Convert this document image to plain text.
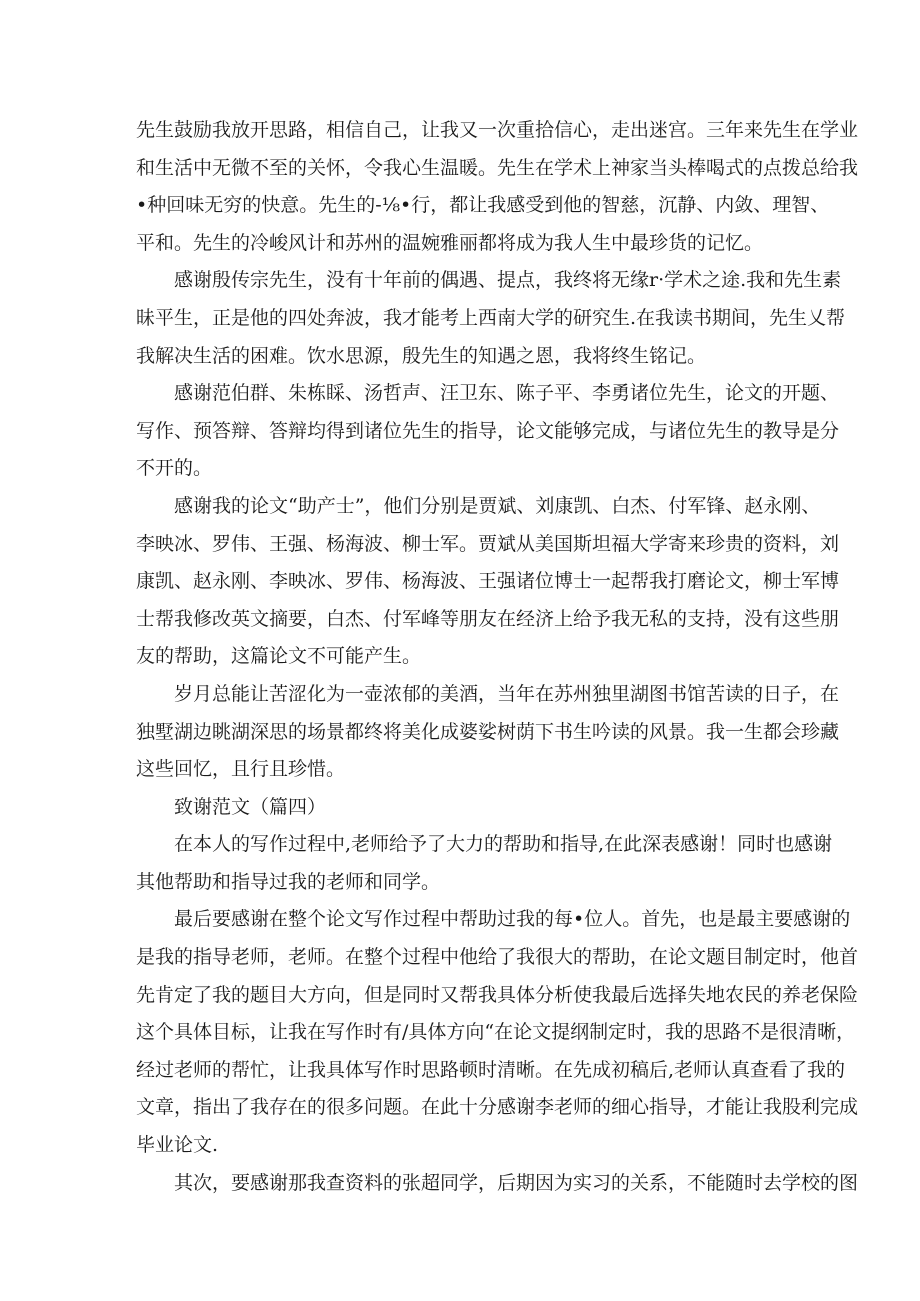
先生鼓励我放开思路，相信自己，让我又一次重拾信心，走出迷宫。三年来先生在学业
和生活中无微不至的关怀，令我心生温暖。先生在学术上神家当头棒喝式的点拨总给我
•种回味无穷的快意。先生的-⅛•行，都让我感受到他的智慈，沉静、内敛、理智、
平和。先生的冷峻风计和苏州的温婉雅丽都将成为我人生中最珍货的记忆。
感谢殷传宗先生，没有十年前的偶遇、提点，我终将无缘r·学术之途.我和先生素
昧平生，正是他的四处奔波，我才能考上西南大学的研究生.在我读书期间，先生乂帮
我解决生活的困难。饮水思源，殷先生的知遇之恩，我将终生铭记。
感谢范伯群、朱栋睬、汤哲声、汪卫东、陈子平、李勇诸位先生，论文的开题、
写作、预答辩、答辩均得到诸位先生的指导，论文能够完成，与诸位先生的教导是分
不开的。
感谢我的论文“助产士”，他们分别是贾斌、刘康凯、白杰、付军锋、赵永刚、
李映冰、罗伟、王强、杨海波、柳士军。贾斌从美国斯坦福大学寄来珍贵的资料，刘
康凯、赵永刚、李映冰、罗伟、杨海波、王强诸位博士一起帮我打磨论文，柳士军博
士帮我修改英文摘要，白杰、付军峰等朋友在经济上给予我无私的支持，没有这些朋
友的帮助，这篇论文不可能产生。
岁月总能让苦涩化为一壶浓郁的美酒，当年在苏州独里湖图书馆苦读的日子，在
独墅湖边眺湖深思的场景都终将美化成婆娑树荫下书生吟读的风景。我一生都会珍藏
这些回忆，且行且珍惜。
致谢范文（篇四）
在本人的写作过程中,老师给予了大力的帮助和指导,在此深表感谢！同时也感谢
其他帮助和指导过我的老师和同学。
最后要感谢在整个论文写作过程中帮助过我的每•位人。首先，也是最主要感谢的
是我的指导老师，老师。在整个过程中他给了我很大的帮助，在论文题目制定时，他首
先肯定了我的题目大方向，但是同时又帮我具体分析使我最后选择失地农民的养老保险
这个具体目标，让我在写作时有/具体方向“在论文提纲制定时，我的思路不是很清晰，
经过老师的帮忙，让我具体写作时思路顿时清晰。在先成初稿后,老师认真查看了我的
文章，指出了我存在的很多问题。在此十分感谢李老师的细心指导，才能让我股利完成
毕业论文.
其次，要感谢那我查资料的张超同学，后期因为实习的关系，不能随时去学校的图
